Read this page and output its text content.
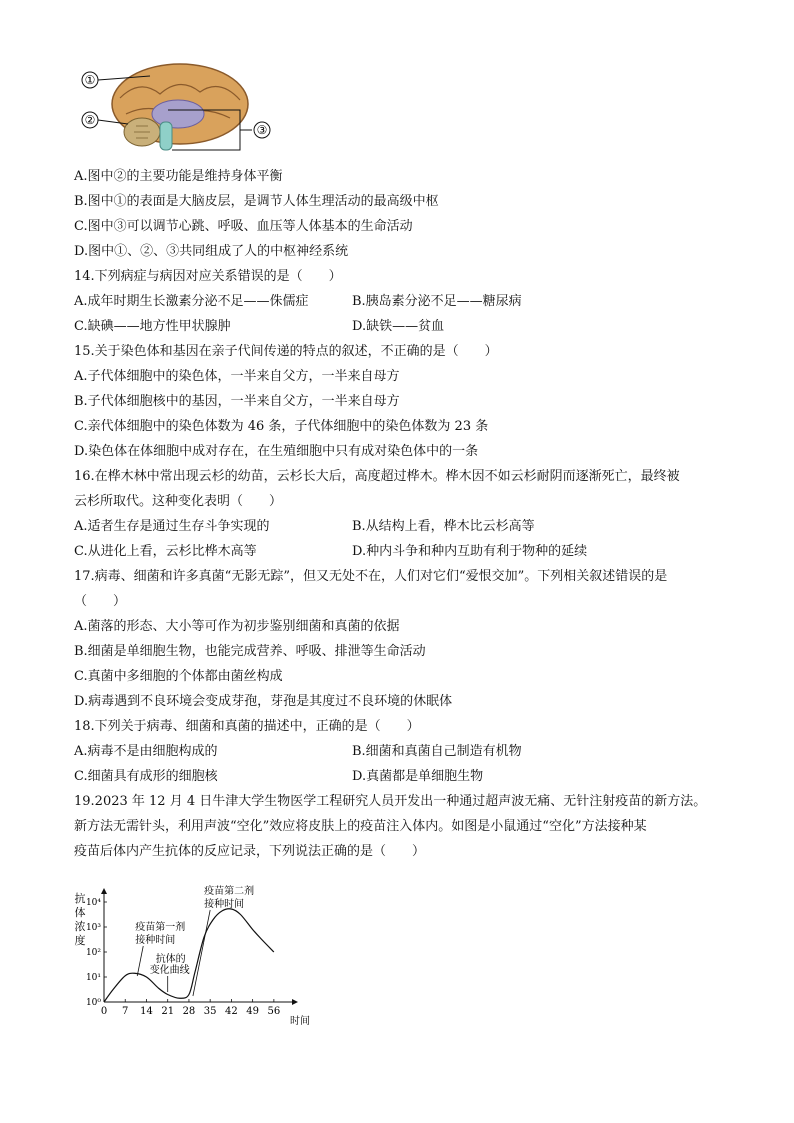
①
②
③
A.图中②的主要功能是维持身体平衡
B.图中①的表面是大脑皮层，是调节人体生理活动的最高级中枢
C.图中③可以调节心跳、呼吸、血压等人体基本的生命活动
D.图中①、②、③共同组成了人的中枢神经系统
14.下列病症与病因对应关系错误的是（　　）
A.成年时期生长激素分泌不足——侏儒症	B.胰岛素分泌不足——糖尿病
C.缺碘——地方性甲状腺肿	D.缺铁——贫血
15.关于染色体和基因在亲子代间传递的特点的叙述，不正确的是（　　）
A.子代体细胞中的染色体，一半来自父方，一半来自母方
B.子代体细胞核中的基因，一半来自父方，一半来自母方
C.亲代体细胞中的染色体数为 46 条，子代体细胞中的染色体数为 23 条
D.染色体在体细胞中成对存在，在生殖细胞中只有成对染色体中的一条
16.在桦木林中常出现云杉的幼苗，云杉长大后，高度超过桦木。桦木因不如云杉耐阴而逐渐死亡，最终被
云杉所取代。这种变化表明（　　）
A.适者生存是通过生存斗争实现的	B.从结构上看，桦木比云杉高等
C.从进化上看，云杉比桦木高等	D.种内斗争和种内互助有利于物种的延续
17.病毒、细菌和许多真菌“无影无踪”，但又无处不在，人们对它们“爱恨交加”。下列相关叙述错误的是
（　　）
A.菌落的形态、大小等可作为初步鉴别细菌和真菌的依据
B.细菌是单细胞生物，也能完成营养、呼吸、排泄等生命活动
C.真菌中多细胞的个体都由菌丝构成
D.病毒遇到不良环境会变成芽孢，芽孢是其度过不良环境的休眠体
18.下列关于病毒、细菌和真菌的描述中，正确的是（　　）
A.病毒不是由细胞构成的	B.细菌和真菌自己制造有机物
C.细菌具有成形的细胞核	D.真菌都是单细胞生物
19.2023 年 12 月 4 日牛津大学生物医学工程研究人员开发出一种通过超声波无痛、无针注射疫苗的新方法。
新方法无需针头，利用声波“空化”效应将皮肤上的疫苗注入体内。如图是小鼠通过“空化”方法接种某
疫苗后体内产生抗体的反应记录，下列说法正确的是（　　）
抗
体
浓
度
时间
0 7 14 21 28 35 42 49 56
10⁰
10¹
10²
10³
10⁴
疫苗第一剂
接种时间
抗体的
变化曲线
疫苗第二剂
接种时间
